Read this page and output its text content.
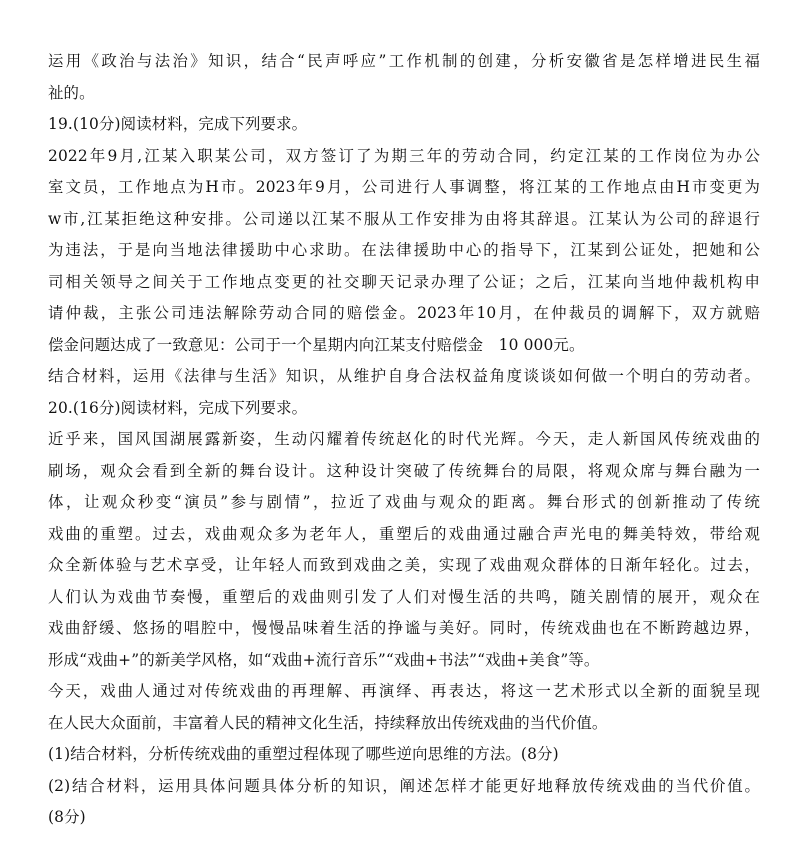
运用《政治与法治》知识，结合“民声呼应”工作机制的创建，分析安徽省是怎样增进民生福
祉的。
19.(10分)阅读材料，完成下列要求。
2022年9月,江某入职某公司，双方签订了为期三年的劳动合同，约定江某的工作岗位为办公
室文员，工作地点为H市。2023年9月，公司进行人事调整，将江某的工作地点由H市变更为
w市,江某拒绝这种安排。公司递以江某不服从工作安排为由将其辞退。江某认为公司的辞退行
为违法，于是向当地法律援助中心求助。在法律援助中心的指导下，江某到公证处，把她和公
司相关领导之间关于工作地点变更的社交聊天记录办理了公证；之后，江某向当地仲裁机构申
请仲裁，主张公司违法解除劳动合同的赔偿金。2023年10月，在仲裁员的调解下，双方就赔
偿金问题达成了一致意见：公司于一个星期内向江某支付赔偿金　10 000元。
结合材料，运用《法律与生活》知识，从维护自身合法权益角度谈谈如何做一个明白的劳动者。
20.(16分)阅读材料，完成下列要求。
近乎来，国风国湖展露新姿，生动闪耀着传统赵化的时代光辉。今天，走人新国风传统戏曲的
刷场，观众会看到全新的舞台设计。这种设计突破了传统舞台的局限，将观众席与舞台融为一
体，让观众秒变“演员”参与剧情”，拉近了戏曲与观众的距离。舞台形式的创新推动了传统
戏曲的重塑。过去，戏曲观众多为老年人，重塑后的戏曲通过融合声光电的舞美特效，带给观
众全新体验与艺术享受，让年轻人而致到戏曲之美，实现了戏曲观众群体的日渐年轻化。过去，
人们认为戏曲节奏慢，重塑后的戏曲则引发了人们对慢生活的共鸣，随关剧情的展开，观众在
戏曲舒缓、悠扬的唱腔中，慢慢品味着生活的挣谧与美好。同时，传统戏曲也在不断跨越边界，
形成“戏曲+”的新美学风格，如“戏曲+流行音乐”“戏曲+书法”“戏曲+美食”等。
今天，戏曲人通过对传统戏曲的再理解、再演绎、再表达，将这一艺术形式以全新的面貌呈现
在人民大众面前，丰富着人民的精神文化生活，持续释放出传统戏曲的当代价值。
(1)结合材料，分析传统戏曲的重塑过程体现了哪些逆向思维的方法。(8分)
(2)结合材料，运用具体问题具体分析的知识，阐述怎样才能更好地释放传统戏曲的当代价值。
(8分)
